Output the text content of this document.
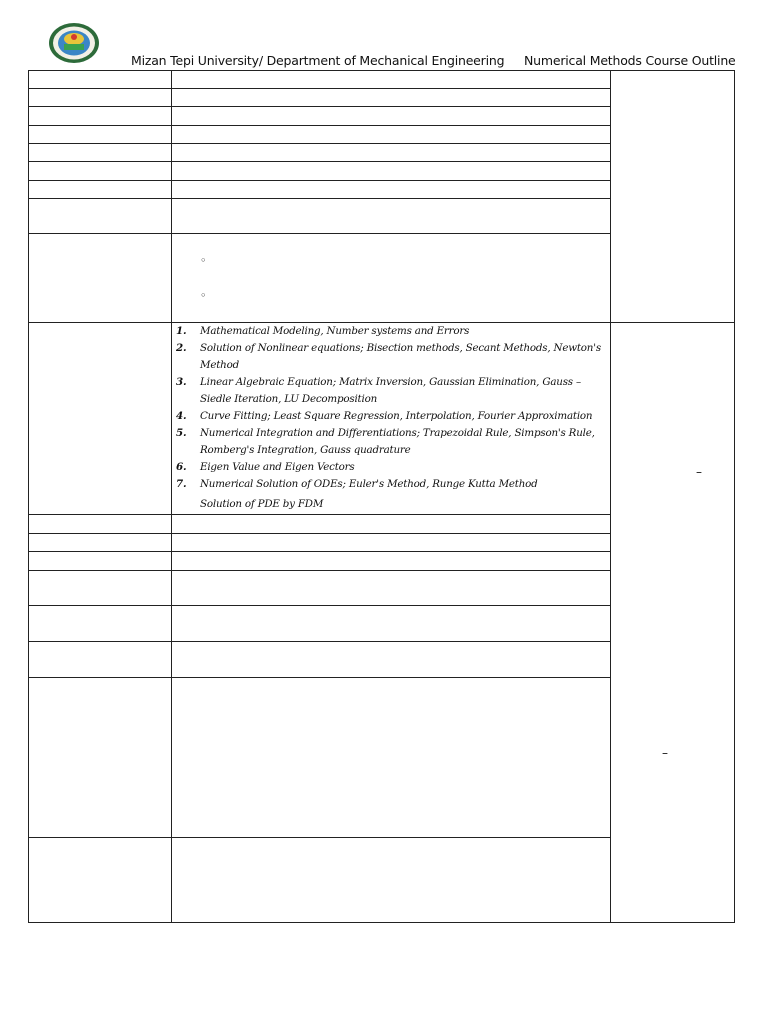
Mizan Tepi University/ Department of Mechanical Engineering Numerical Methods Course Outline
◦
◦
1. Mathematical Modeling, Number systems and Errors
2. Solution of Nonlinear equations; Bisection methods, Secant Methods, Newton's Method
3. Linear Algebraic Equation; Matrix Inversion, Gaussian Elimination, Gauss – Siedle Iteration, LU Decomposition
4. Curve Fitting; Least Square Regression, Interpolation, Fourier Approximation
5. Numerical Integration and Differentiations; Trapezoidal Rule, Simpson's Rule, Romberg's Integration, Gauss quadrature
6. Eigen Value and Eigen Vectors
7. Numerical Solution of ODEs; Euler's Method, Runge Kutta Method
Solution of PDE by FDM
–
–
